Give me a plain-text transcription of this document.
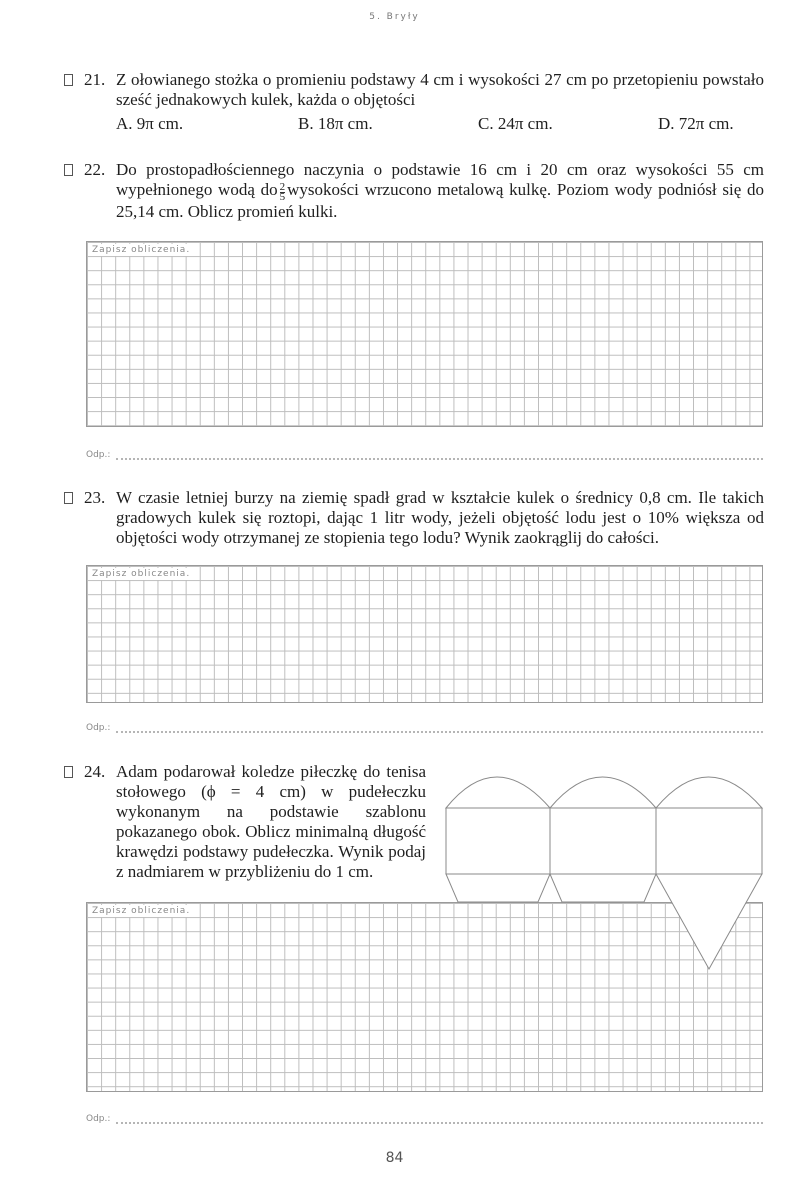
5. Bryły
21. Z ołowianego stożka o promieniu podstawy 4 cm i wysokości 27 cm po przetopieniu powstało sześć jednakowych kulek, każda o objętości
A. 9π cm.	B. 18π cm.	C. 24π cm.	D. 72π cm.
22. Do prostopadłościennego naczynia o podstawie 16 cm i 20 cm oraz wysokości 55 cm wypełnionego wodą do $\frac{2}{5}$ wysokości wrzucono metalową kulkę. Poziom wody podniósł się do 25,14 cm. Oblicz promień kulki.
Zapisz obliczenia.
Odp.:
23. W czasie letniej burzy na ziemię spadł grad w kształcie kulek o średnicy 0,8 cm. Ile takich gradowych kulek się roztopi, dając 1 litr wody, jeżeli objętość lodu jest o 10% większa od objętości wody otrzymanej ze stopienia tego lodu? Wynik zaokrąglij do całości.
Zapisz obliczenia.
Odp.:
24. Adam podarował koledze piłeczkę do tenisa stołowego (ϕ = 4 cm) w pudełeczku wykonanym na podstawie szablonu pokazanego obok. Oblicz minimalną długość krawędzi podstawy pudełeczka. Wynik podaj z nadmiarem w przybliżeniu do 1 cm.
Zapisz obliczenia.
Odp.:
84
